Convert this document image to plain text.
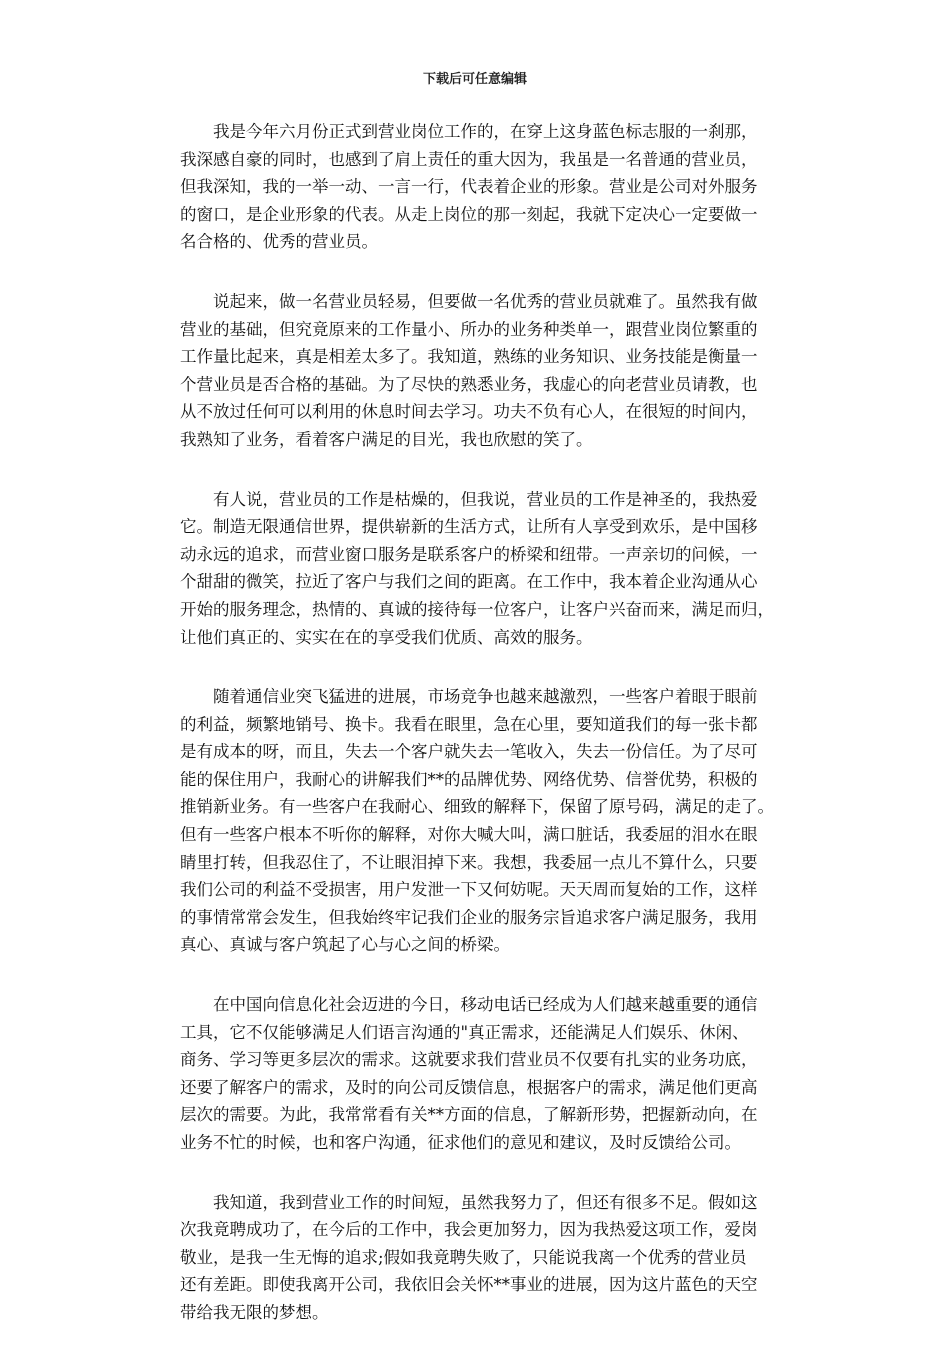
下载后可任意编辑

我是今年六月份正式到营业岗位工作的，在穿上这身蓝色标志服的一刹那，
我深感自豪的同时，也感到了肩上责任的重大因为，我虽是一名普通的营业员，
但我深知，我的一举一动、一言一行，代表着企业的形象。营业是公司对外服务
的窗口，是企业形象的代表。从走上岗位的那一刻起，我就下定决心一定要做一
名合格的、优秀的营业员。

说起来，做一名营业员轻易，但要做一名优秀的营业员就难了。虽然我有做
营业的基础，但究竟原来的工作量小、所办的业务种类单一，跟营业岗位繁重的
工作量比起来，真是相差太多了。我知道，熟练的业务知识、业务技能是衡量一
个营业员是否合格的基础。为了尽快的熟悉业务，我虚心的向老营业员请教，也
从不放过任何可以利用的休息时间去学习。功夫不负有心人，在很短的时间内，
我熟知了业务，看着客户满足的目光，我也欣慰的笑了。

有人说，营业员的工作是枯燥的，但我说，营业员的工作是神圣的，我热爱
它。制造无限通信世界，提供崭新的生活方式，让所有人享受到欢乐，是中国移
动永远的追求，而营业窗口服务是联系客户的桥梁和纽带。一声亲切的问候，一
个甜甜的微笑，拉近了客户与我们之间的距离。在工作中，我本着企业沟通从心
开始的服务理念，热情的、真诚的接待每一位客户，让客户兴奋而来，满足而归，
让他们真正的、实实在在的享受我们优质、高效的服务。

随着通信业突飞猛进的进展，市场竞争也越来越激烈，一些客户着眼于眼前
的利益，频繁地销号、换卡。我看在眼里，急在心里，要知道我们的每一张卡都
是有成本的呀，而且，失去一个客户就失去一笔收入，失去一份信任。为了尽可
能的保住用户，我耐心的讲解我们**的品牌优势、网络优势、信誉优势，积极的
推销新业务。有一些客户在我耐心、细致的解释下，保留了原号码，满足的走了。
但有一些客户根本不听你的解释，对你大喊大叫，满口脏话，我委屈的泪水在眼
睛里打转，但我忍住了，不让眼泪掉下来。我想，我委屈一点儿不算什么，只要
我们公司的利益不受损害，用户发泄一下又何妨呢。天天周而复始的工作，这样
的事情常常会发生，但我始终牢记我们企业的服务宗旨追求客户满足服务，我用
真心、真诚与客户筑起了心与心之间的桥梁。

在中国向信息化社会迈进的今日，移动电话已经成为人们越来越重要的通信
工具，它不仅能够满足人们语言沟通的"真正需求，还能满足人们娱乐、休闲、
商务、学习等更多层次的需求。这就要求我们营业员不仅要有扎实的业务功底，
还要了解客户的需求，及时的向公司反馈信息，根据客户的需求，满足他们更高
层次的需要。为此，我常常看有关**方面的信息，了解新形势，把握新动向，在
业务不忙的时候，也和客户沟通，征求他们的意见和建议，及时反馈给公司。

我知道，我到营业工作的时间短，虽然我努力了，但还有很多不足。假如这
次我竟聘成功了，在今后的工作中，我会更加努力，因为我热爱这项工作，爱岗
敬业，是我一生无悔的追求;假如我竟聘失败了，只能说我离一个优秀的营业员
还有差距。即使我离开公司，我依旧会关怀**事业的进展，因为这片蓝色的天空
带给我无限的梦想。
